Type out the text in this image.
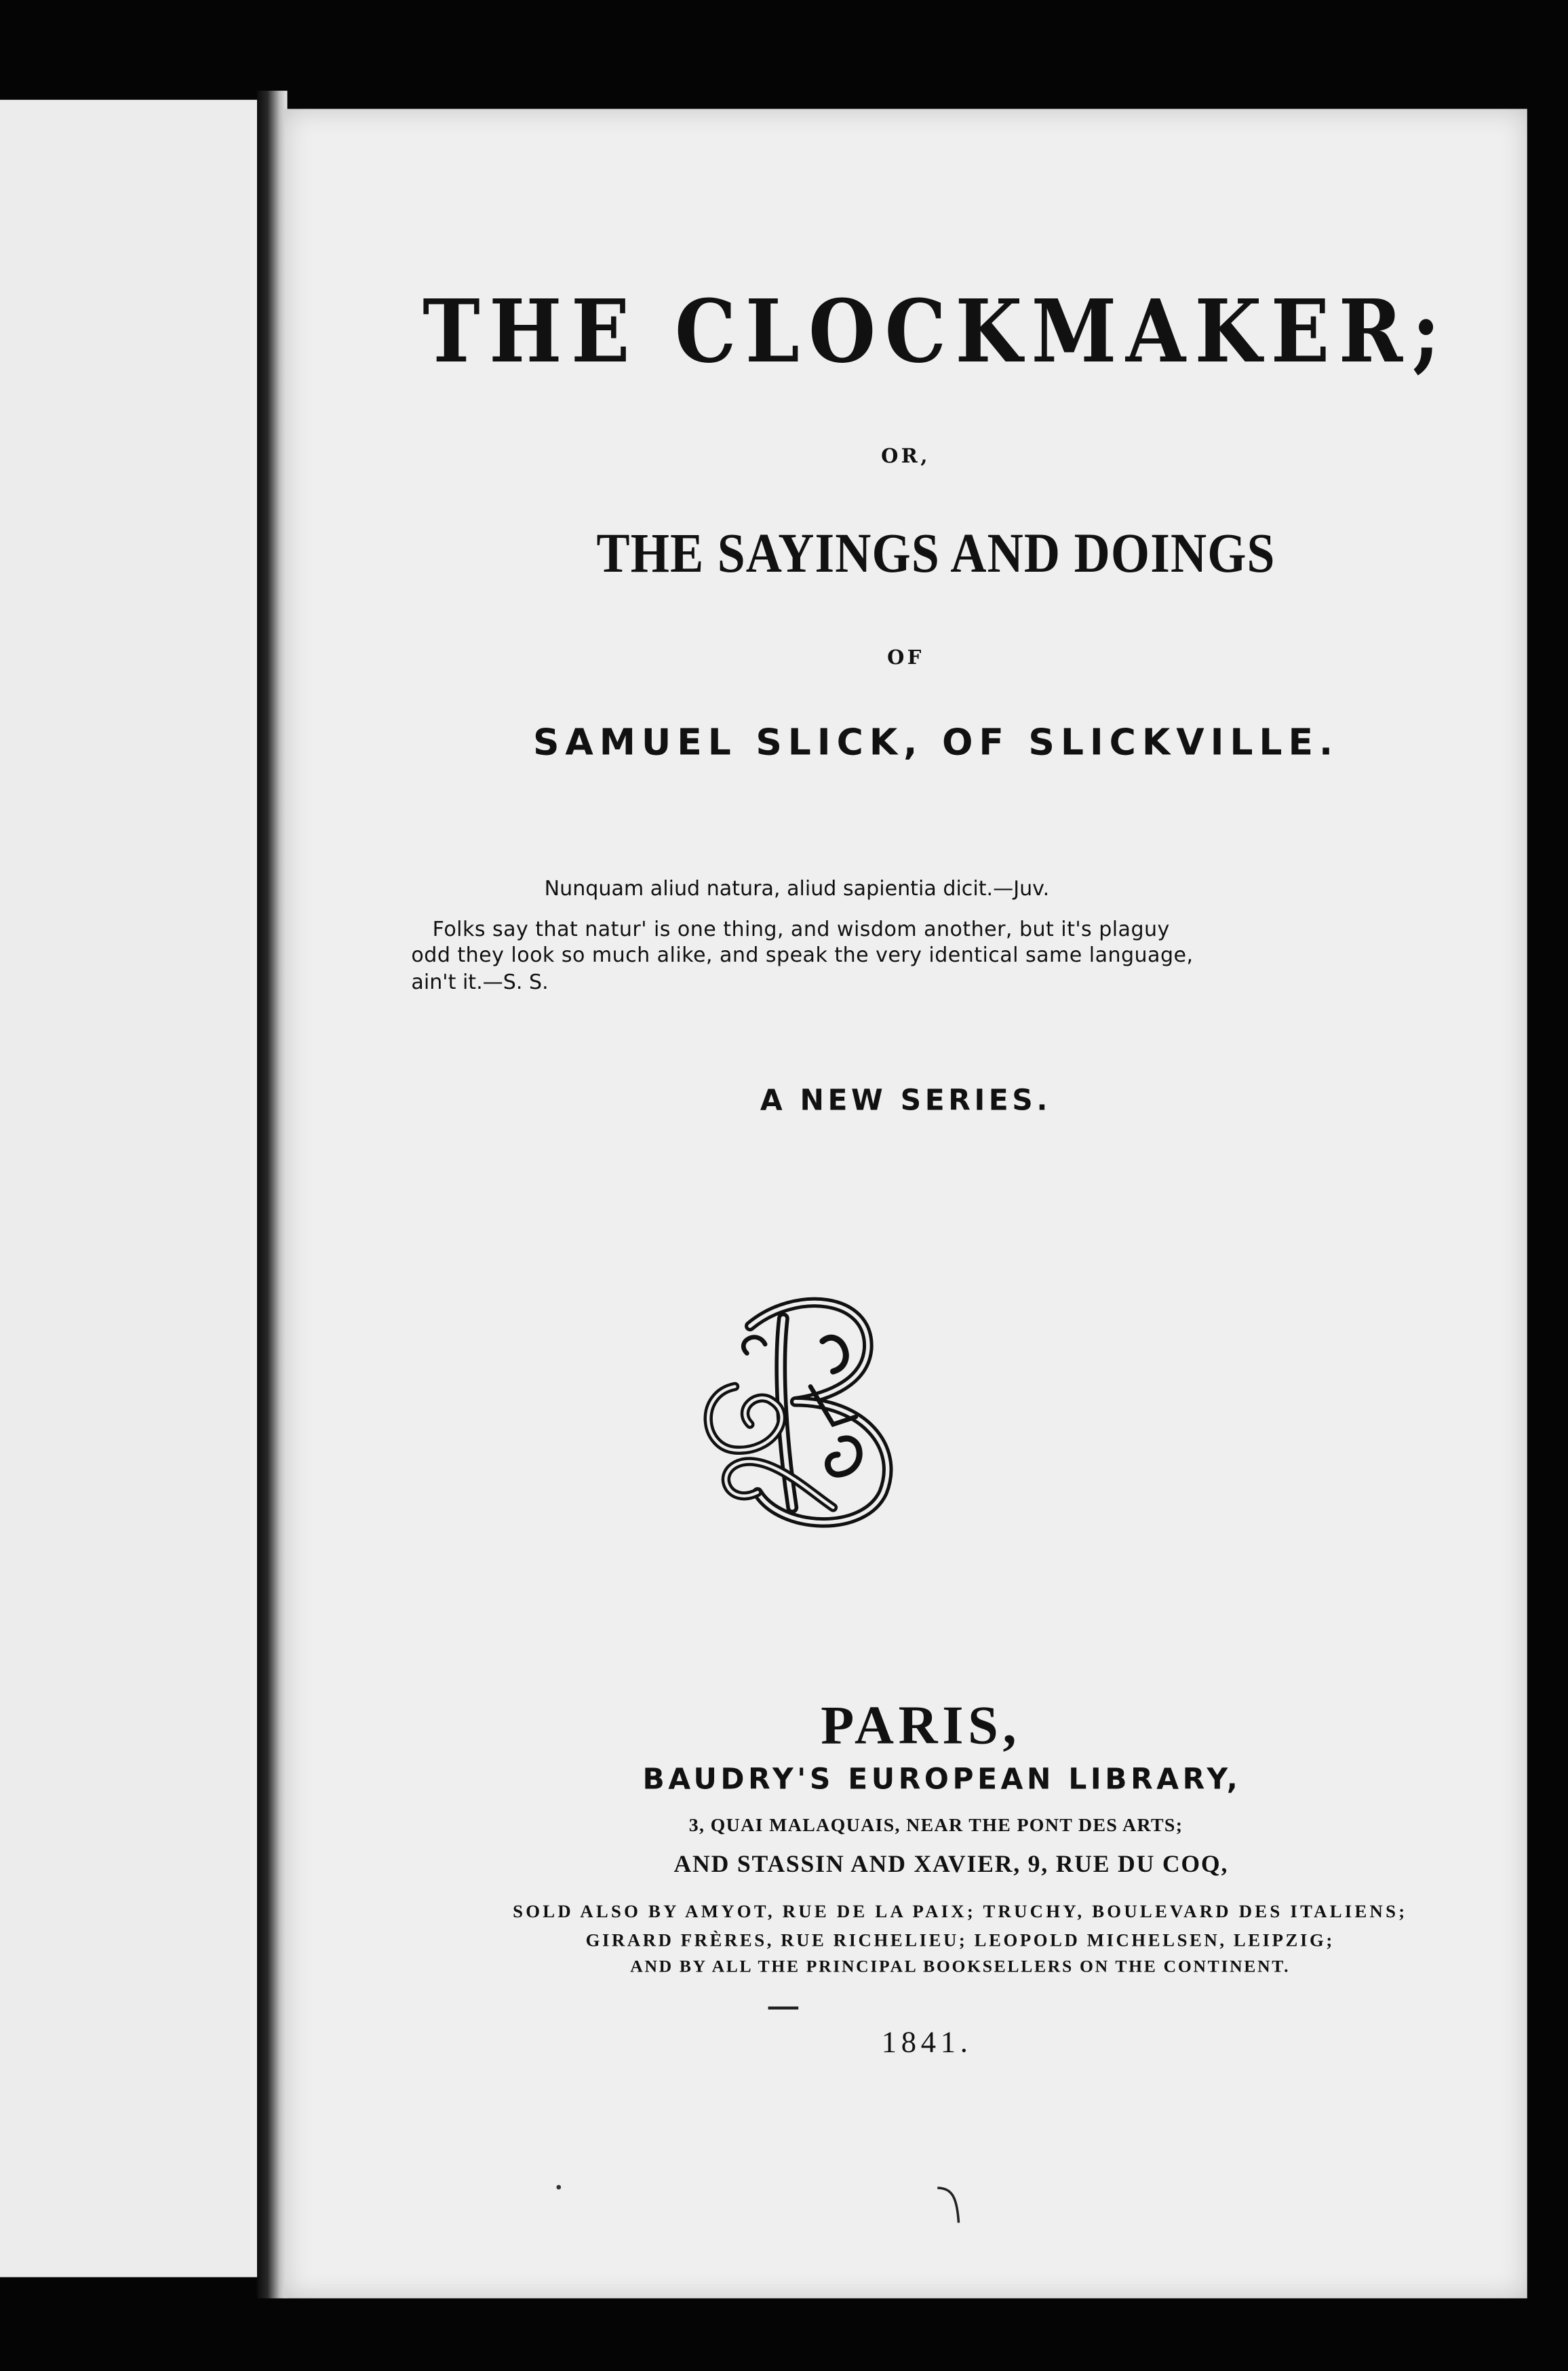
THE CLOCKMAKER;
OR,
THE SAYINGS AND DOINGS
OF
SAMUEL SLICK, OF SLICKVILLE.
Nunquam aliud natura, aliud sapientia dicit.—Juv.
Folks say that natur' is one thing, and wisdom another, but it's plaguy
odd they look so much alike, and speak the very identical same language,
ain't it.—S. S.
A NEW SERIES.
PARIS,
BAUDRY'S EUROPEAN LIBRARY,
3, QUAI MALAQUAIS, NEAR THE PONT DES ARTS;
AND STASSIN AND XAVIER, 9, RUE DU COQ,
SOLD ALSO BY AMYOT, RUE DE LA PAIX; TRUCHY, BOULEVARD DES ITALIENS;
GIRARD FRÈRES, RUE RICHELIEU; LEOPOLD MICHELSEN, LEIPZIG;
AND BY ALL THE PRINCIPAL BOOKSELLERS ON THE CONTINENT.
1841.
